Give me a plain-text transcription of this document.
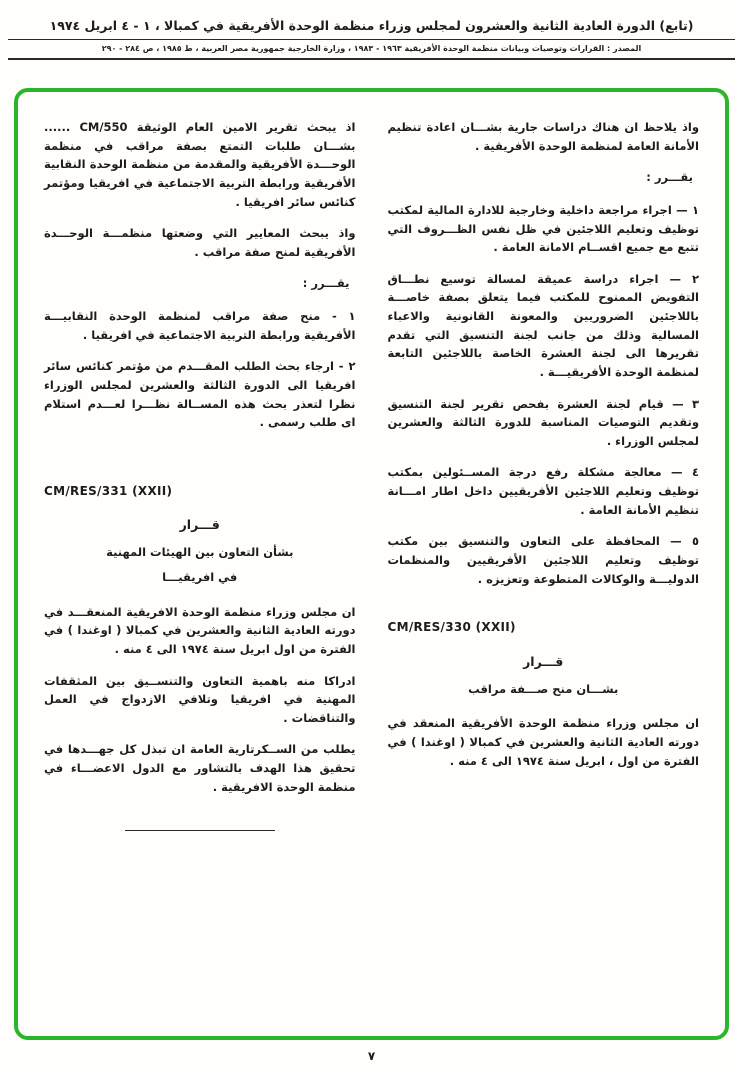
(تابع) الدورة العادية الثانية والعشرون لمجلس وزراء منظمة الوحدة الأفريقية في كمبالا ، ١ - ٤ ابريل ١٩٧٤
المصدر : القرارات وتوصيات وبيانات منظمة الوحدة الأفريقية ١٩٦٣ - ١٩٨٣ ، وزارة الخارجية جمهورية مصر العربية ، ط ١٩٨٥ ، ص ٢٨٤ - ٢٩٠

واذ يلاحظ ان هناك دراسات جارية بشـــان اعادة تنظيم الأمانة العامة لمنظمة الوحدة الأفريقية .

يقـــرر :

١ — اجراء مراجعة داخلية وخارجية للادارة المالية لمكتب توظيف وتعليم اللاجئين في ظل نفس الظـــروف التي تتبع مع جميع اقســام الامانة العامة .

٢ — اجراء دراسة عميقة لمسالة توسيع نطـــاق التفويض الممنوح للمكتب فيما يتعلق بصفة خاصـــة باللاجئين الضروريين والمعونة القانونية والاعباء المسالية وذلك من جانب لجنة التنسيق التي تقدم تقريرها الى لجنة العشرة الخاصة باللاجئين التابعة لمنظمة الوحدة الأفريقيـــة .

٣ — قيام لجنة العشرة بفحص تقرير لجنة التنسيق وتقديم التوصيات المناسبة للدورة الثالثة والعشرين لمجلس الوزراء .

٤ — معالجة مشكلة رفع درجة المســئولين بمكتب توظيف وتعليم اللاجئين الأفريقيين داخل اطار امـــانة تنظيم الأمانة العامة .

٥ — المحافظة على التعاون والتنسيق بين مكتب توظيف وتعليم اللاجئين الأفريقيين والمنظمات الدوليـــة والوكالات المتطوعة وتعزيزه .

CM/RES/330 (XXII)

قـــرار

بشـــان منح صـــفة مراقب

ان مجلس وزراء منظمة الوحدة الأفريقية المنعقد في دورته العادية الثانية والعشرين في كمبالا ( اوغندا ) في الفترة من اول ، ابريل سنة ١٩٧٤ الى ٤ منه .

اذ يبحث تقرير الامين العام الوثيقة CM/550 ...... بشـــان طلبات التمتع بصفة مراقب في منظمة الوحـــدة الأفريقية والمقدمة من منظمة الوحدة النقابية الأفريقية ورابطة التربية الاجتماعية في افريقيا ومؤتمر كنائس سائر افريقيا .

واذ يبحث المعايير التي وضعتها منظمـــة الوحـــدة الأفريقية لمنح صفة مراقب .

يقـــرر :

١ - منح صفة مراقب لمنظمة الوحدة النقابيـــة الأفريقية ورابطة التربية الاجتماعية في افريقيا .

٢ - ارجاء بحث الطلب المقـــدم من مؤتمر كنائس سائر افريقيا الى الدورة الثالثة والعشرين لمجلس الوزراء نظرا لتعذر بحث هذه المســالة نظـــرا لعـــدم استلام اى طلب رسمى .

CM/RES/331 (XXII)

قـــرار

بشأن التعاون بين الهيئات المهنية

في افريقيـــا

ان مجلس وزراء منظمة الوحدة الافريقية المنعقـــد في دورته العادية الثانية والعشرين في كمبالا ( اوغندا ) في الفترة من اول ابريل سنة ١٩٧٤ الى ٤ منه .

ادراكا منه باهمية التعاون والتنســيق بين المثقفات المهنية في افريقيا وتلافي الازدواج في العمل والتناقضات .

يطلب من الســكرتارية العامة ان تبذل كل جهـــدها في تحقيق هذا الهدف بالتشاور مع الدول الاعضـــاء في منظمة الوحدة الافريقية .

٧
